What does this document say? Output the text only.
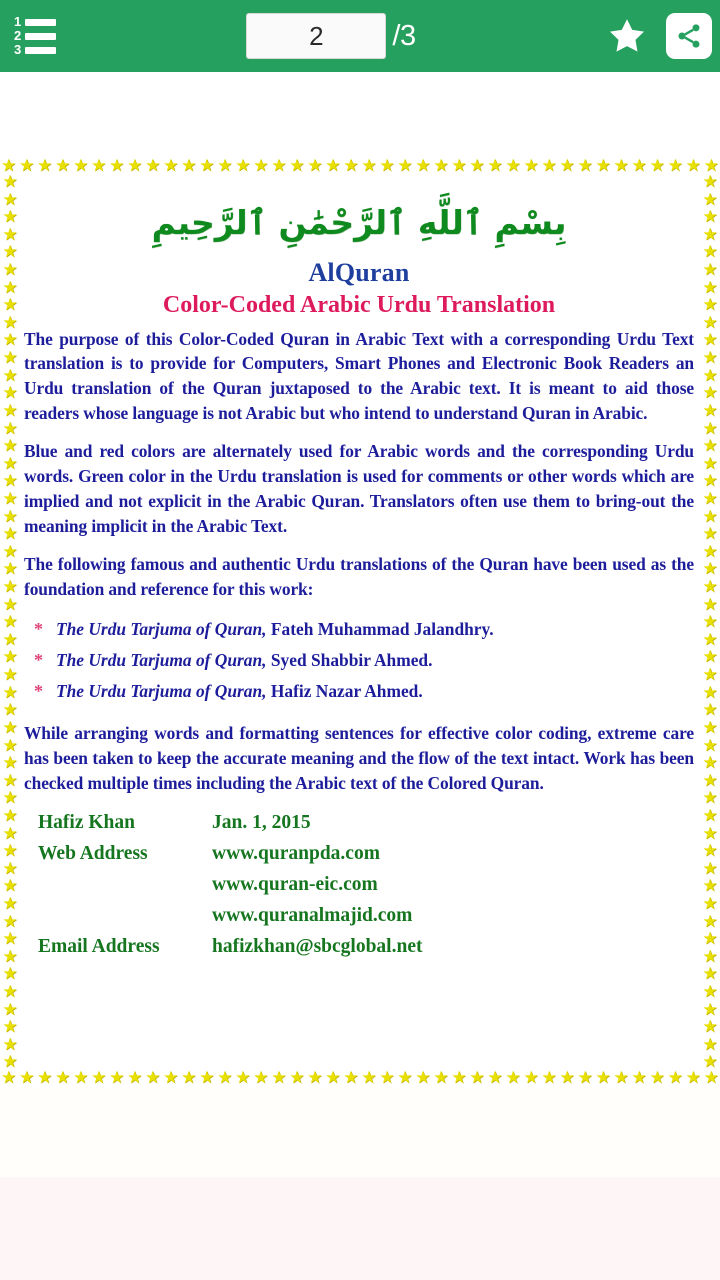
1
2
3
2	/3
★ ★ ★ ★ ★ ★ ★ ★ ★ ★ ★ ★ ★ ★ ★ ★ ★ ★ ★ ★ ★ ★ ★ ★ ★ ★ ★ ★ ★ ★ ★ ★ ★ ★ ★ ★ ★ ★ ★ ★
★ ★ ★ ★ ★ ★ ★ ★ ★ ★ ★ ★ ★ ★ ★ ★ ★ ★ ★ ★ ★ ★ ★ ★ ★ ★ ★ ★ ★ ★ ★ ★ ★ ★ ★ ★ ★ ★ ★ ★
★
★
★
★
★
★
★
★
★
★
★
★
★
★
★
★
★
★
★
★
★
★
★
★
★
★
★
★
★
★
★
★
★
★
★
★
★
★
★
★
★
★
★
★
★
★
★
★
★
★
★
★
★
★
★
★
★
★
★
★
★
★
★
★
★
★
★
★
★
★
★
★
★
★
★
★
★
★
★
★
★
★
★
★
★
★
★
★
★
★
★
★
★
★
★
★
★
★
★
★
★
★
بِسْمِ ٱللَّهِ ٱلرَّحْمَٰنِ ٱلرَّحِيمِ
AlQuran
Color-Coded Arabic Urdu Translation

The purpose of this Color-Coded Quran in Arabic Text with a corresponding Urdu Text translation is to provide for Computers, Smart Phones and Electronic Book Readers an Urdu translation of the Quran juxtaposed to the Arabic text. It is meant to aid those readers whose language is not Arabic but who intend to understand Quran in Arabic.

Blue and red colors are alternately used for Arabic words and the corresponding Urdu words. Green color in the Urdu translation is used for comments or other words which are implied and not explicit in the Arabic Quran. Translators often use them to bring-out the meaning implicit in the Arabic Text.

The following famous and authentic Urdu translations of the Quran have been used as the foundation and reference for this work:

* The Urdu Tarjuma of Quran, Fateh Muhammad Jalandhry.
* The Urdu Tarjuma of Quran, Syed Shabbir Ahmed.
* The Urdu Tarjuma of Quran, Hafiz Nazar Ahmed.

While arranging words and formatting sentences for effective color coding, extreme care has been taken to keep the accurate meaning and the flow of the text intact. Work has been checked multiple times including the Arabic text of the Colored Quran.

Hafiz Khan	Jan. 1, 2015
Web Address	www.quranpda.com
	www.quran-eic.com
	www.quranalmajid.com
Email Address	hafizkhan@sbcglobal.net
